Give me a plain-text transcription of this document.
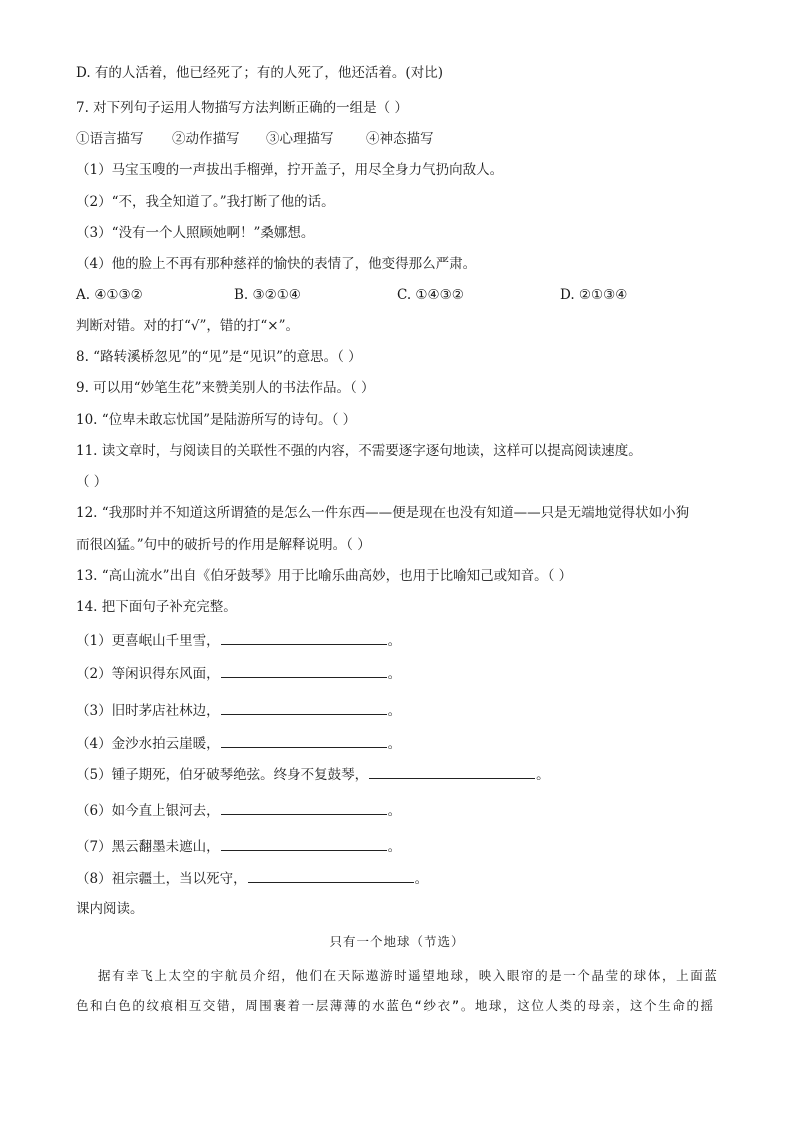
D. 有的人活着，他已经死了；有的人死了，他还活着。(对比)
7. 对下列句子运用人物描写方法判断正确的一组是（ ）
①语言描写 ②动作描写 ③心理描写 ④神态描写
（1）马宝玉嗖的一声拔出手榴弹，拧开盖子，用尽全身力气扔向敌人。
（2）“不，我全知道了。”我打断了他的话。
（3）“没有一个人照顾她啊！”桑娜想。
（4）他的脸上不再有那种慈祥的愉快的表情了，他变得那么严肃。
A. ④①③②	B. ③②①④	C. ①④③②	D. ②①③④
判断对错。对的打“√”，错的打“×”。
8. “路转溪桥忽见”的“见”是“见识”的意思。（ ）
9. 可以用“妙笔生花”来赞美别人的书法作品。（ ）
10. “位卑未敢忘忧国”是陆游所写的诗句。（ ）
11. 读文章时，与阅读目的关联性不强的内容，不需要逐字逐句地读，这样可以提高阅读速度。
（ ）
12. “我那时并不知道这所谓猹的是怎么一件东西——便是现在也没有知道——只是无端地觉得状如小狗
而很凶猛。”句中的破折号的作用是解释说明。（ ）
13. “高山流水”出自《伯牙鼓琴》用于比喻乐曲高妙，也用于比喻知己或知音。（ ）
14. 把下面句子补充完整。
（1）更喜岷山千里雪，	。
（2）等闲识得东风面，	。
（3）旧时茅店社林边，	。
（4）金沙水拍云崖暖，	。
（5）锺子期死，伯牙破琴绝弦。终身不复鼓琴，	。
（6）如今直上银河去，	。
（7）黑云翻墨未遮山，	。
（8）祖宗疆土，当以死守，	。
课内阅读。
只有一个地球（节选）
据有幸飞上太空的宇航员介绍，他们在天际遨游时遥望地球，映入眼帘的是一个晶莹的球体，上面蓝
色和白色的纹痕相互交错，周围裹着一层薄薄的水蓝色“纱衣”。地球，这位人类的母亲，这个生命的摇
